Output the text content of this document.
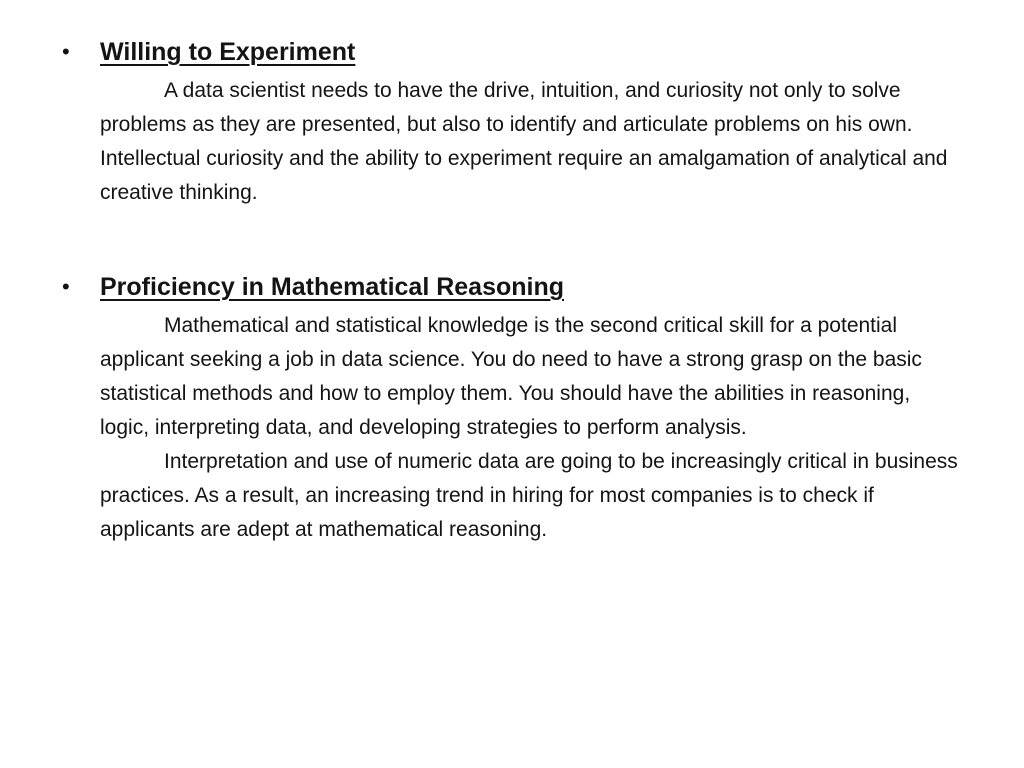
•	Willing to Experiment

A data scientist needs to have the drive, intuition, and curiosity not only to solve problems as they are presented, but also to identify and articulate problems on his own. Intellectual curiosity and the ability to experiment require an amalgamation of analytical and creative thinking.

•	Proficiency in Mathematical Reasoning

Mathematical and statistical knowledge is the second critical skill for a potential applicant seeking a job in data science. You do need to have a strong grasp on the basic statistical methods and how to employ them. You should have the abilities in reasoning, logic, interpreting data, and developing strategies to perform analysis.

Interpretation and use of numeric data are going to be increasingly critical in business practices. As a result, an increasing trend in hiring for most companies is to check if applicants are adept at mathematical reasoning.
